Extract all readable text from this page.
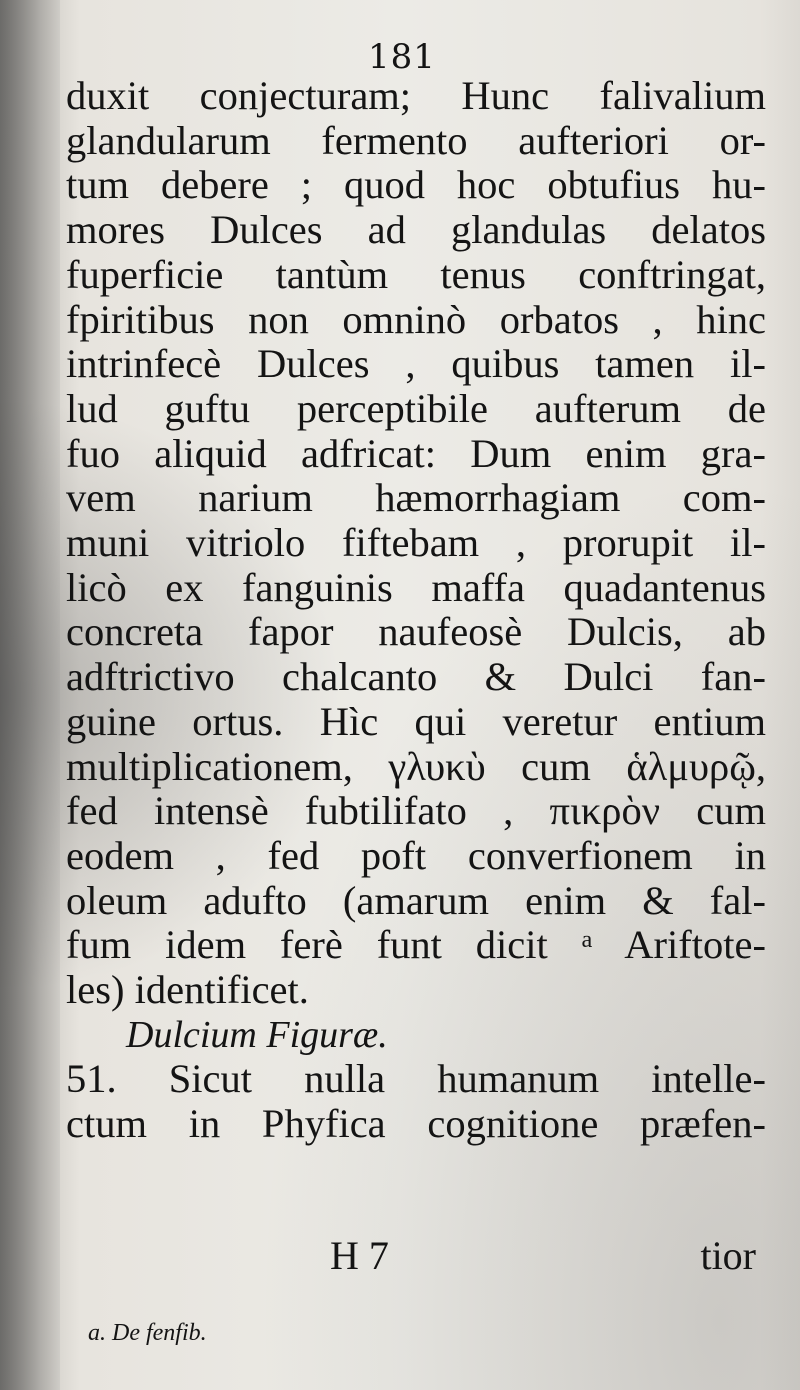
181
duxit conjecturam; Hunc falivalium
glandularum fermento aufteriori or-
tum debere ; quod hoc obtufius hu-
mores Dulces ad glandulas delatos
fuperficie tantùm tenus conftringat,
fpiritibus non omninò orbatos , hinc
intrinfecè Dulces , quibus tamen il-
lud guftu perceptibile aufterum de
fuo aliquid adfricat: Dum enim gra-
vem narium hæmorrhagiam com-
muni vitriolo fiftebam , prorupit il-
licò ex fanguinis maffa quadantenus
concreta fapor naufeosè Dulcis, ab
adftrictivo chalcanto & Dulci fan-
guine ortus. Hìc qui veretur entium
multiplicationem, γλυκὺ cum ἁλμυρῷ,
fed intensè fubtilifato , πικρὸν cum
eodem , fed poft converfionem in
oleum adufto (amarum enim & fal-
fum idem ferè funt dicit ᵃ Ariftote-
les) identificet.
Dulcium Figuræ.
51. Sicut nulla humanum intelle-
ctum in Phyfica cognitione præfen-
H 7	tior
a. De fenfib.
